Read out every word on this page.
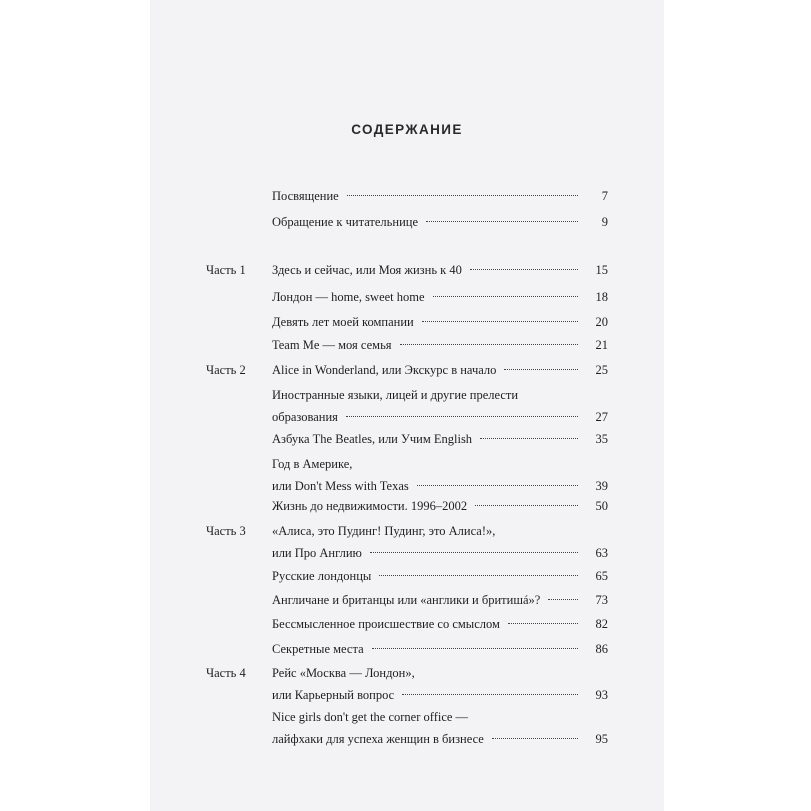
СОДЕРЖАНИЕ
Посвящение	7
Обращение к читательнице	9
Часть 1 Здесь и сейчас, или Моя жизнь к 40	15
Лондон — home, sweet home	18
Девять лет моей компании	20
Team Me — моя семья	21
Часть 2 Alice in Wonderland, или Экскурс в начало	25
Иностранные языки, лицей и другие прелести
образования	27
Азбука The Beatles, или Учим English	35
Год в Америке,
или Don't Mess with Texas	39
Жизнь до недвижимости. 1996–2002	50
Часть 3 «Алиса, это Пудинг! Пудинг, это Алиса!»,
или Про Англию	63
Русские лондонцы	65
Англичане и британцы или «англики и бритишá»?	73
Бессмысленное происшествие со смыслом	82
Секретные места	86
Часть 4 Рейс «Москва — Лондон»,
или Карьерный вопрос	93
Nice girls don't get the corner office —
лайфхаки для успеха женщин в бизнесе	95
